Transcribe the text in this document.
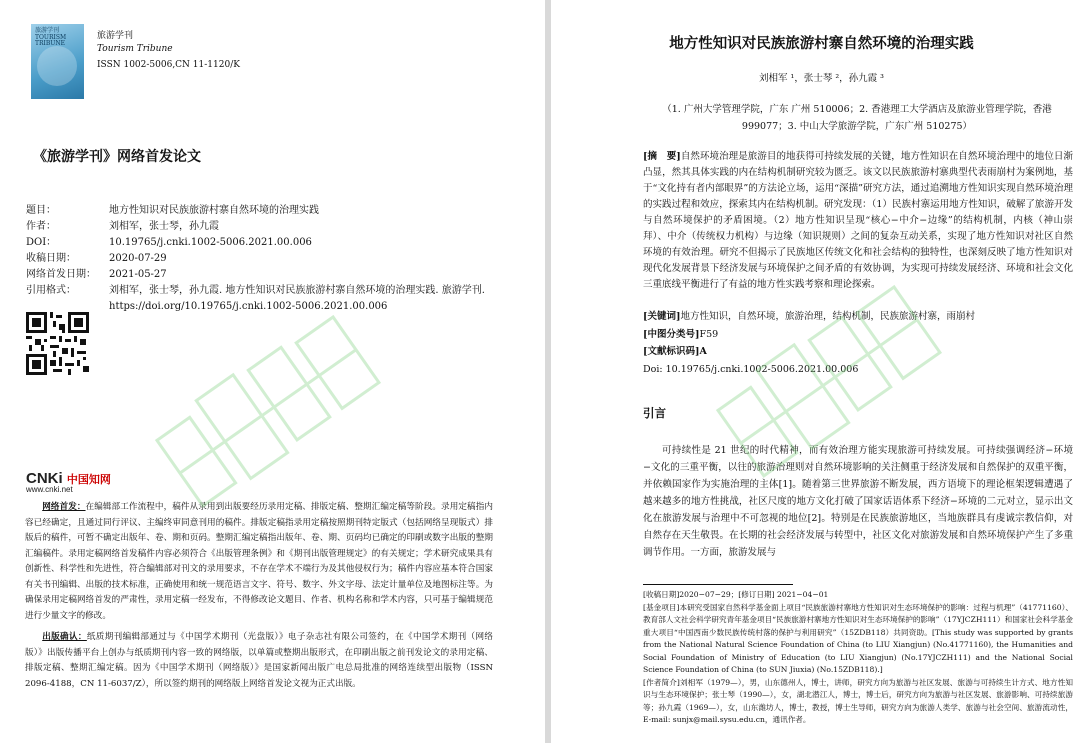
旅游学刊 TOURISM TRIBUNE
旅游学刊
Tourism Tribune
ISSN 1002-5006,CN 11-1120/K
《旅游学刊》网络首发论文
题目：	地方性知识对民族旅游村寨自然环境的治理实践
作者：	刘相军，张士琴，孙九霞
DOI：	10.19765/j.cnki.1002-5006.2021.00.006
收稿日期：	2020-07-29
网络首发日期：	2021-05-27
引用格式：	刘相军，张士琴，孙九霞. 地方性知识对民族旅游村寨自然环境的治理实践. 旅游学刊. https://doi.org/10.19765/j.cnki.1002-5006.2021.00.006
CNKi 中国知网
www.cnki.net

网络首发：在编辑部工作流程中，稿件从录用到出版要经历录用定稿、排版定稿、整期汇编定稿等阶段。录用定稿指内容已经确定，且通过同行评议、主编终审同意刊用的稿件。排版定稿指录用定稿按照期刊特定版式（包括网络呈现版式）排版后的稿件，可暂不确定出版年、卷、期和页码。整期汇编定稿指出版年、卷、期、页码均已确定的印刷或数字出版的整期汇编稿件。录用定稿网络首发稿件内容必须符合《出版管理条例》和《期刊出版管理规定》的有关规定；学术研究成果具有创新性、科学性和先进性，符合编辑部对刊文的录用要求，不存在学术不端行为及其他侵权行为；稿件内容应基本符合国家有关书刊编辑、出版的技术标准，正确使用和统一规范语言文字、符号、数字、外文字母、法定计量单位及地图标注等。为确保录用定稿网络首发的严肃性，录用定稿一经发布，不得修改论文题目、作者、机构名称和学术内容，只可基于编辑规范进行少量文字的修改。

出版确认：纸质期刊编辑部通过与《中国学术期刊（光盘版）》电子杂志社有限公司签约，在《中国学术期刊（网络版）》出版传播平台上创办与纸质期刊内容一致的网络版，以单篇或整期出版形式，在印刷出版之前刊发论文的录用定稿、排版定稿、整期汇编定稿。因为《中国学术期刊（网络版）》是国家新闻出版广电总局批准的网络连续型出版物（ISSN 2096-4188，CN 11-6037/Z），所以签约期刊的网络版上网络首发论文视为正式出版。

地方性知识对民族旅游村寨自然环境的治理实践
刘相军 ¹，张士琴 ²，孙九霞 ³
（1. 广州大学管理学院，广东 广州 510006；2. 香港理工大学酒店及旅游业管理学院，香港 999077；3. 中山大学旅游学院，广东广州 510275）
[摘　要]自然环境治理是旅游目的地获得可持续发展的关键，地方性知识在自然环境治理中的地位日渐凸显，然其具体实践的内在结构机制研究较为匮乏。该文以民族旅游村寨典型代表雨崩村为案例地，基于“文化持有者内部眼界”的方法论立场，运用“深描”研究方法，通过追溯地方性知识实现自然环境治理的实践过程和效应，探索其内在结构机制。研究发现：（1）民族村寨运用地方性知识，破解了旅游开发与自然环境保护的矛盾困境。（2）地方性知识呈现“核心−中介−边缘”的结构机制，内核（神山崇拜）、中介（传统权力机构）与边缘（知识规则）之间的复杂互动关系，实现了地方性知识对社区自然环境的有效治理。研究不但揭示了民族地区传统文化和社会结构的独特性，也深刻反映了地方性知识对现代化发展背景下经济发展与环境保护之间矛盾的有效协调，为实现可持续发展经济、环境和社会文化三重底线平衡进行了有益的地方性实践考察和理论探索。
[关键词]地方性知识，自然环境，旅游治理，结构机制，民族旅游村寨，雨崩村
[中图分类号]F59
[文献标识码]A
Doi: 10.19765/j.cnki.1002-5006.2021.00.006
引言
可持续性是 21 世纪的时代精神，而有效治理方能实现旅游可持续发展。可持续强调经济−环境−文化的三重平衡，以往的旅游治理则对自然环境影响的关注侧重于经济发展和自然保护的双重平衡，并依赖国家作为实施治理的主体[1]。随着第三世界旅游不断发展，西方语境下的理论框架逻辑遭遇了越来越多的地方性挑战，社区尺度的地方文化打破了国家话语体系下经济−环境的二元对立，显示出文化在旅游发展与治理中不可忽视的地位[2]。特别是在民族旅游地区，当地族群具有虔诚宗教信仰，对自然存在天生敬畏。在长期的社会经济发展与转型中，社区文化对旅游发展和自然环境保护产生了多重调节作用。一方面，旅游发展与
[收稿日期]2020−07−29；[修订日期] 2021−04−01
[基金项目]本研究受国家自然科学基金面上项目“民族旅游村寨地方性知识对生态环境保护的影响：过程与机理”（41771160）、教育部人文社会科学研究青年基金项目“民族旅游村寨地方性知识对生态环境保护的影响”（17YJCZH111）和国家社会科学基金重大项目“中国西南少数民族传统村落的保护与利用研究”（15ZDB118）共同资助。[This study was supported by grants from the National Natural Science Foundation of China (to LIU Xiangjun) (No.41771160), the Humanities and Social Foundation of Ministry of Education (to LIU Xiangjun) (No.17YJCZH111) and the National Social Science Foundation of China (to SUN Jiuxia) (No.15ZDB118).]
[作者简介]刘相军（1979—），男，山东德州人，博士，讲师，研究方向为旅游与社区发展、旅游与可持续生计方式、地方性知识与生态环境保护；张士琴（1990—），女，湖北潜江人，博士，博士后，研究方向为旅游与社区发展、旅游影响、可持续旅游等；孙九霞（1969—），女，山东潍坊人，博士，教授，博士生导师，研究方向为旅游人类学、旅游与社会空间、旅游流动性，E-mail: sunjx@mail.sysu.edu.cn，通讯作者。
